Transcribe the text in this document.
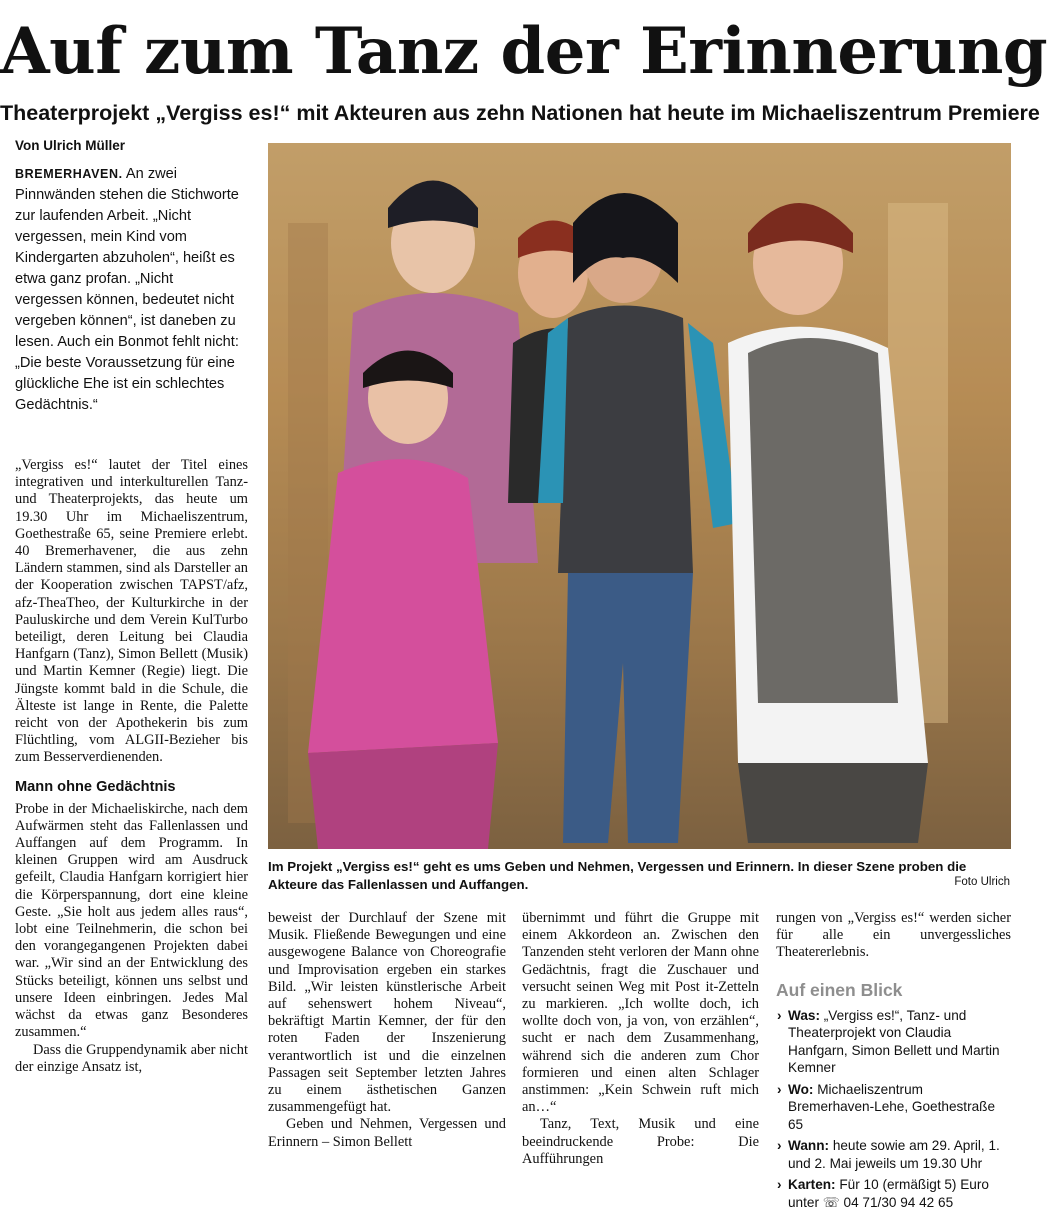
Auf zum Tanz der Erinnerung
Theaterprojekt „Vergiss es!“ mit Akteuren aus zehn Nationen hat heute im Michaeliszentrum Premiere
Von Ulrich Müller
BREMERHAVEN. An zwei Pinnwänden stehen die Stichworte zur laufenden Arbeit. „Nicht vergessen, mein Kind vom Kindergarten abzuholen“, heißt es etwa ganz profan. „Nicht vergessen können, bedeutet nicht vergeben können“, ist daneben zu lesen. Auch ein Bonmot fehlt nicht: „Die beste Voraussetzung für eine glückliche Ehe ist ein schlechtes Gedächtnis.“

„Vergiss es!“ lautet der Titel eines integrativen und interkulturellen Tanz- und Theaterprojekts, das heute um 19.30 Uhr im Michaeliszentrum, Goethestraße 65, seine Premiere erlebt. 40 Bremerhavener, die aus zehn Ländern stammen, sind als Darsteller an der Kooperation zwischen TAPST/afz, afz-TheaTheo, der Kulturkirche in der Pauluskirche und dem Verein KulTurbo beteiligt, deren Leitung bei Claudia Hanfgarn (Tanz), Simon Bellett (Musik) und Martin Kemner (Regie) liegt. Die Jüngste kommt bald in die Schule, die Älteste ist lange in Rente, die Palette reicht von der Apothekerin bis zum Flüchtling, vom ALGII-Bezieher bis zum Besserverdienenden.

Mann ohne Gedächtnis

Probe in der Michaeliskirche, nach dem Aufwärmen steht das Fallenlassen und Auffangen auf dem Programm. In kleinen Gruppen wird am Ausdruck gefeilt, Claudia Hanfgarn korrigiert hier die Körperspannung, dort eine kleine Geste. „Sie holt aus jedem alles raus“, lobt eine Teilnehmerin, die schon bei den vorangegangenen Projekten dabei war. „Wir sind an der Entwicklung des Stücks beteiligt, können uns selbst und unsere Ideen einbringen. Jedes Mal wächst da etwas ganz Besonderes zusammen.“

Dass die Gruppendynamik aber nicht der einzige Ansatz ist,

Im Projekt „Vergiss es!“ geht es ums Geben und Nehmen, Vergessen und Erinnern. In dieser Szene proben die Akteure das Fallenlassen und Auffangen.	Foto Ulrich

beweist der Durchlauf der Szene mit Musik. Fließende Bewegungen und eine ausgewogene Balance von Choreografie und Improvisation ergeben ein starkes Bild. „Wir leisten künstlerische Arbeit auf sehenswert hohem Niveau“, bekräftigt Martin Kemner, der für den roten Faden der Inszenierung verantwortlich ist und die einzelnen Passagen seit September letzten Jahres zu einem ästhetischen Ganzen zusammengefügt hat.

Geben und Nehmen, Vergessen und Erinnern – Simon Bellett

übernimmt und führt die Gruppe mit einem Akkordeon an. Zwischen den Tanzenden steht verloren der Mann ohne Gedächtnis, fragt die Zuschauer und versucht seinen Weg mit Post it-Zetteln zu markieren. „Ich wollte doch, ich wollte doch von, ja von, von erzählen“, sucht er nach dem Zusammenhang, während sich die anderen zum Chor formieren und einen alten Schlager anstimmen: „Kein Schwein ruft mich an…“

Tanz, Text, Musik und eine beeindruckende Probe: Die Aufführungen

rungen von „Vergiss es!“ werden sicher für alle ein unvergessliches Theatererlebnis.

Auf einen Blick
› Was: „Vergiss es!“, Tanz- und Theaterprojekt von Claudia Hanfgarn, Simon Bellett und Martin Kemner
› Wo: Michaeliszentrum Bremerhaven-Lehe, Goethestraße 65
› Wann: heute sowie am 29. April, 1. und 2. Mai jeweils um 19.30 Uhr
› Karten: Für 10 (ermäßigt 5) Euro unter ☏ 04 71/30 94 42 65
